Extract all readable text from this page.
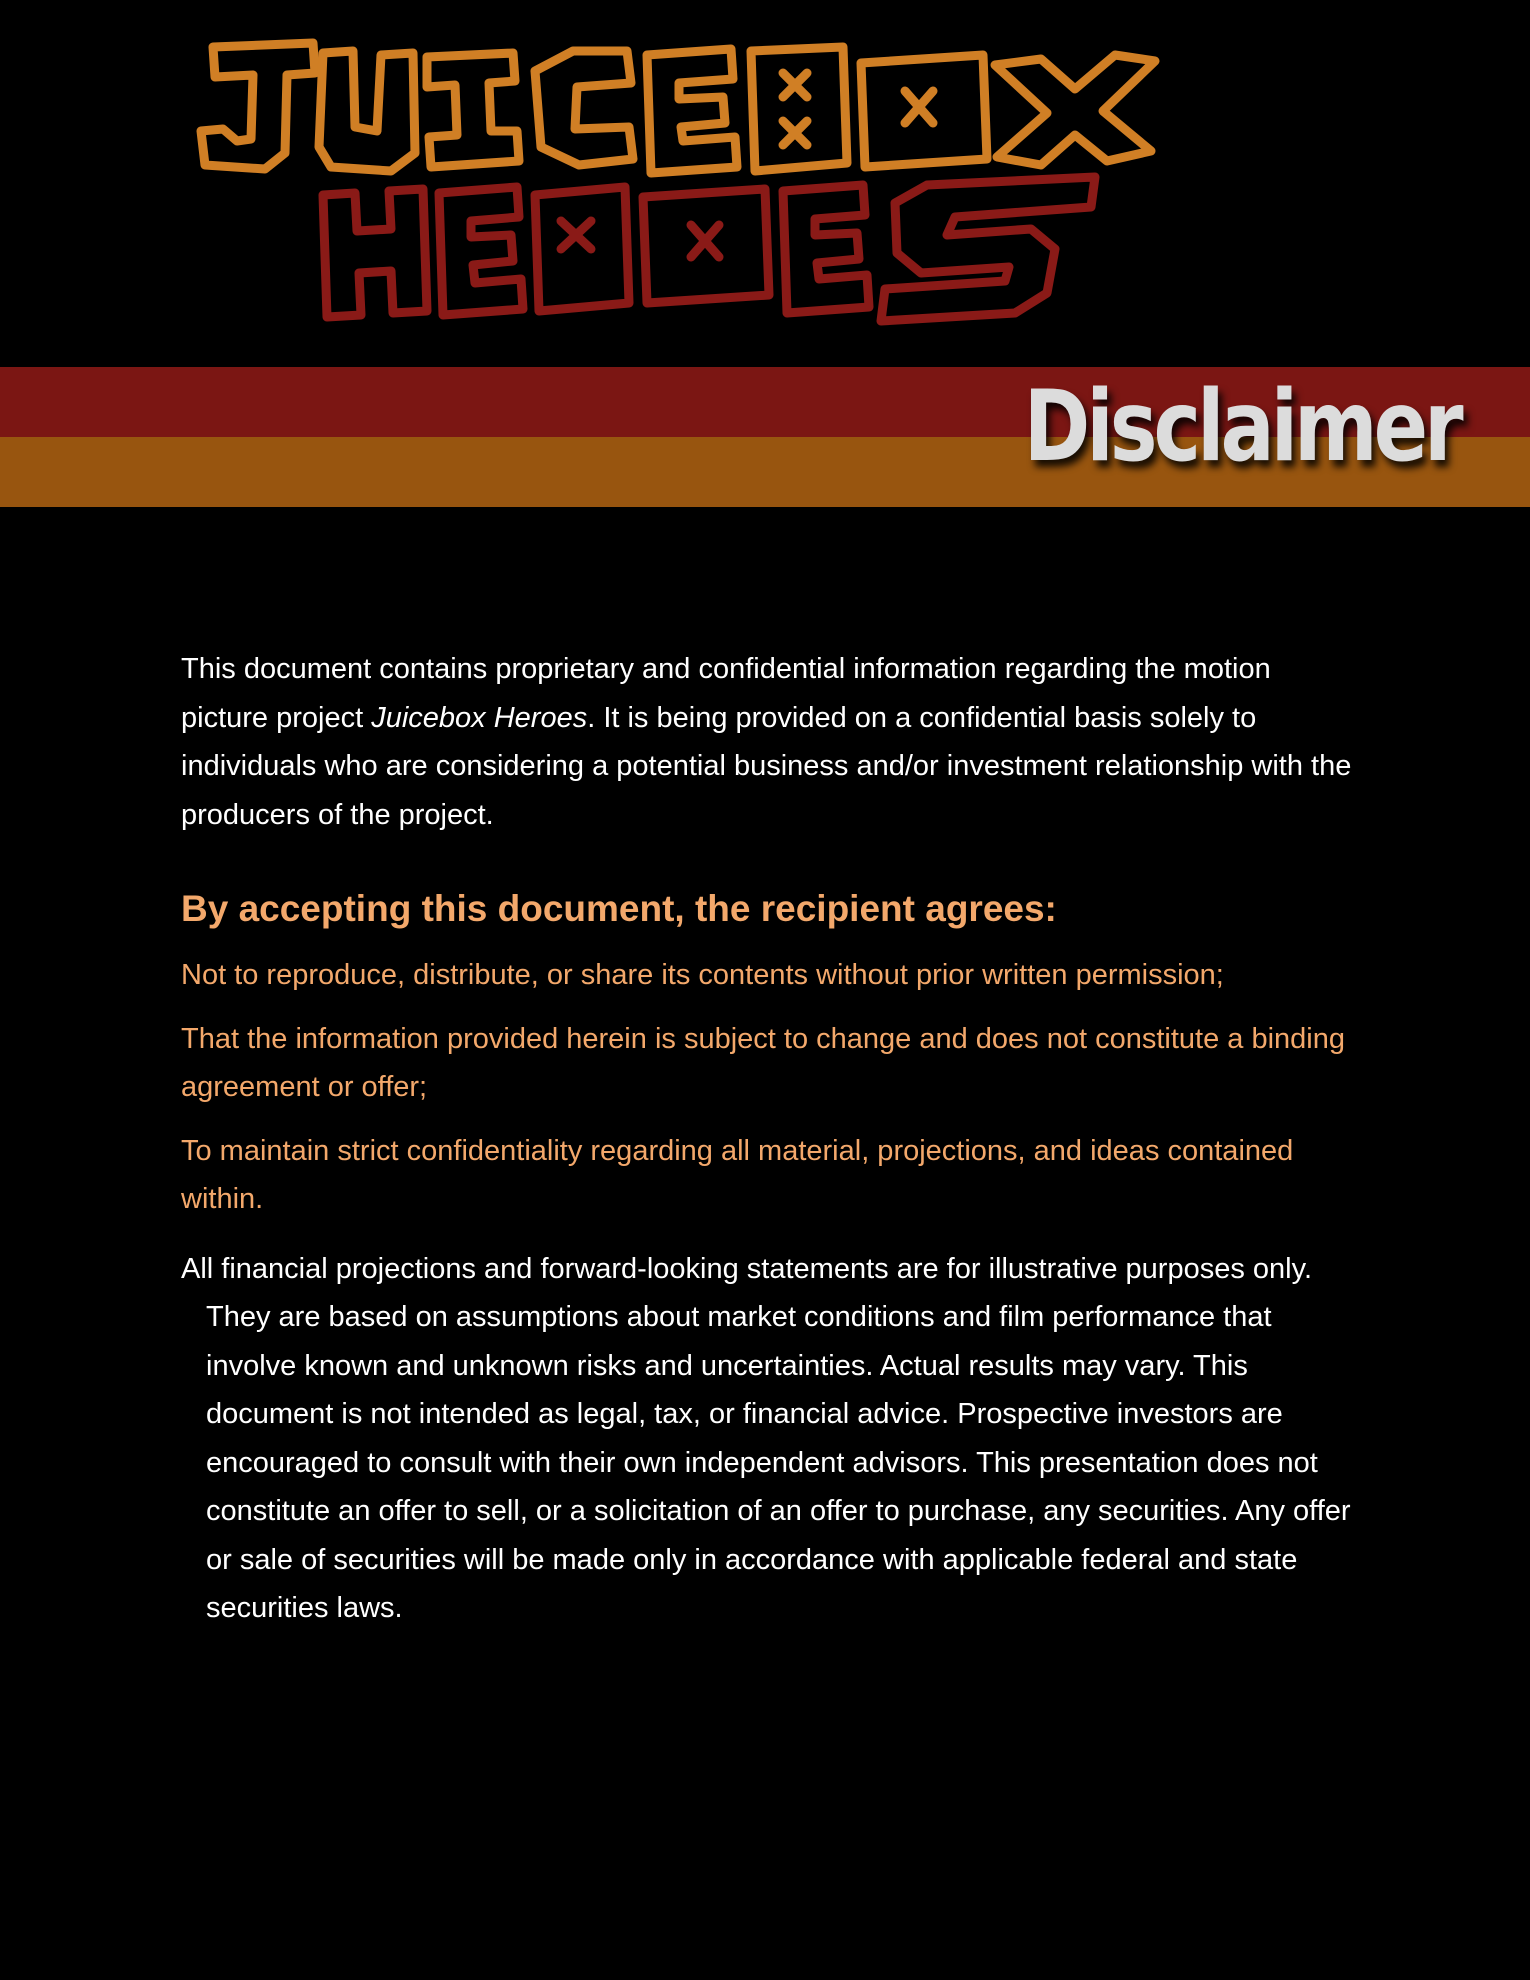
Disclaimer

This document contains proprietary and confidential information regarding the motion picture project Juicebox Heroes. It is being provided on a confidential basis solely to individuals who are considering a potential business and/or investment relationship with the producers of the project.

By accepting this document, the recipient agrees:

Not to reproduce, distribute, or share its contents without prior written permission;

That the information provided herein is subject to change and does not constitute a binding agreement or offer;

To maintain strict confidentiality regarding all material, projections, and ideas contained within.

All financial projections and forward-looking statements are for illustrative purposes only. They are based on assumptions about market conditions and film performance that involve known and unknown risks and uncertainties. Actual results may vary. This document is not intended as legal, tax, or financial advice. Prospective investors are encouraged to consult with their own independent advisors. This presentation does not constitute an offer to sell, or a solicitation of an offer to purchase, any securities. Any offer or sale of securities will be made only in accordance with applicable federal and state securities laws.
